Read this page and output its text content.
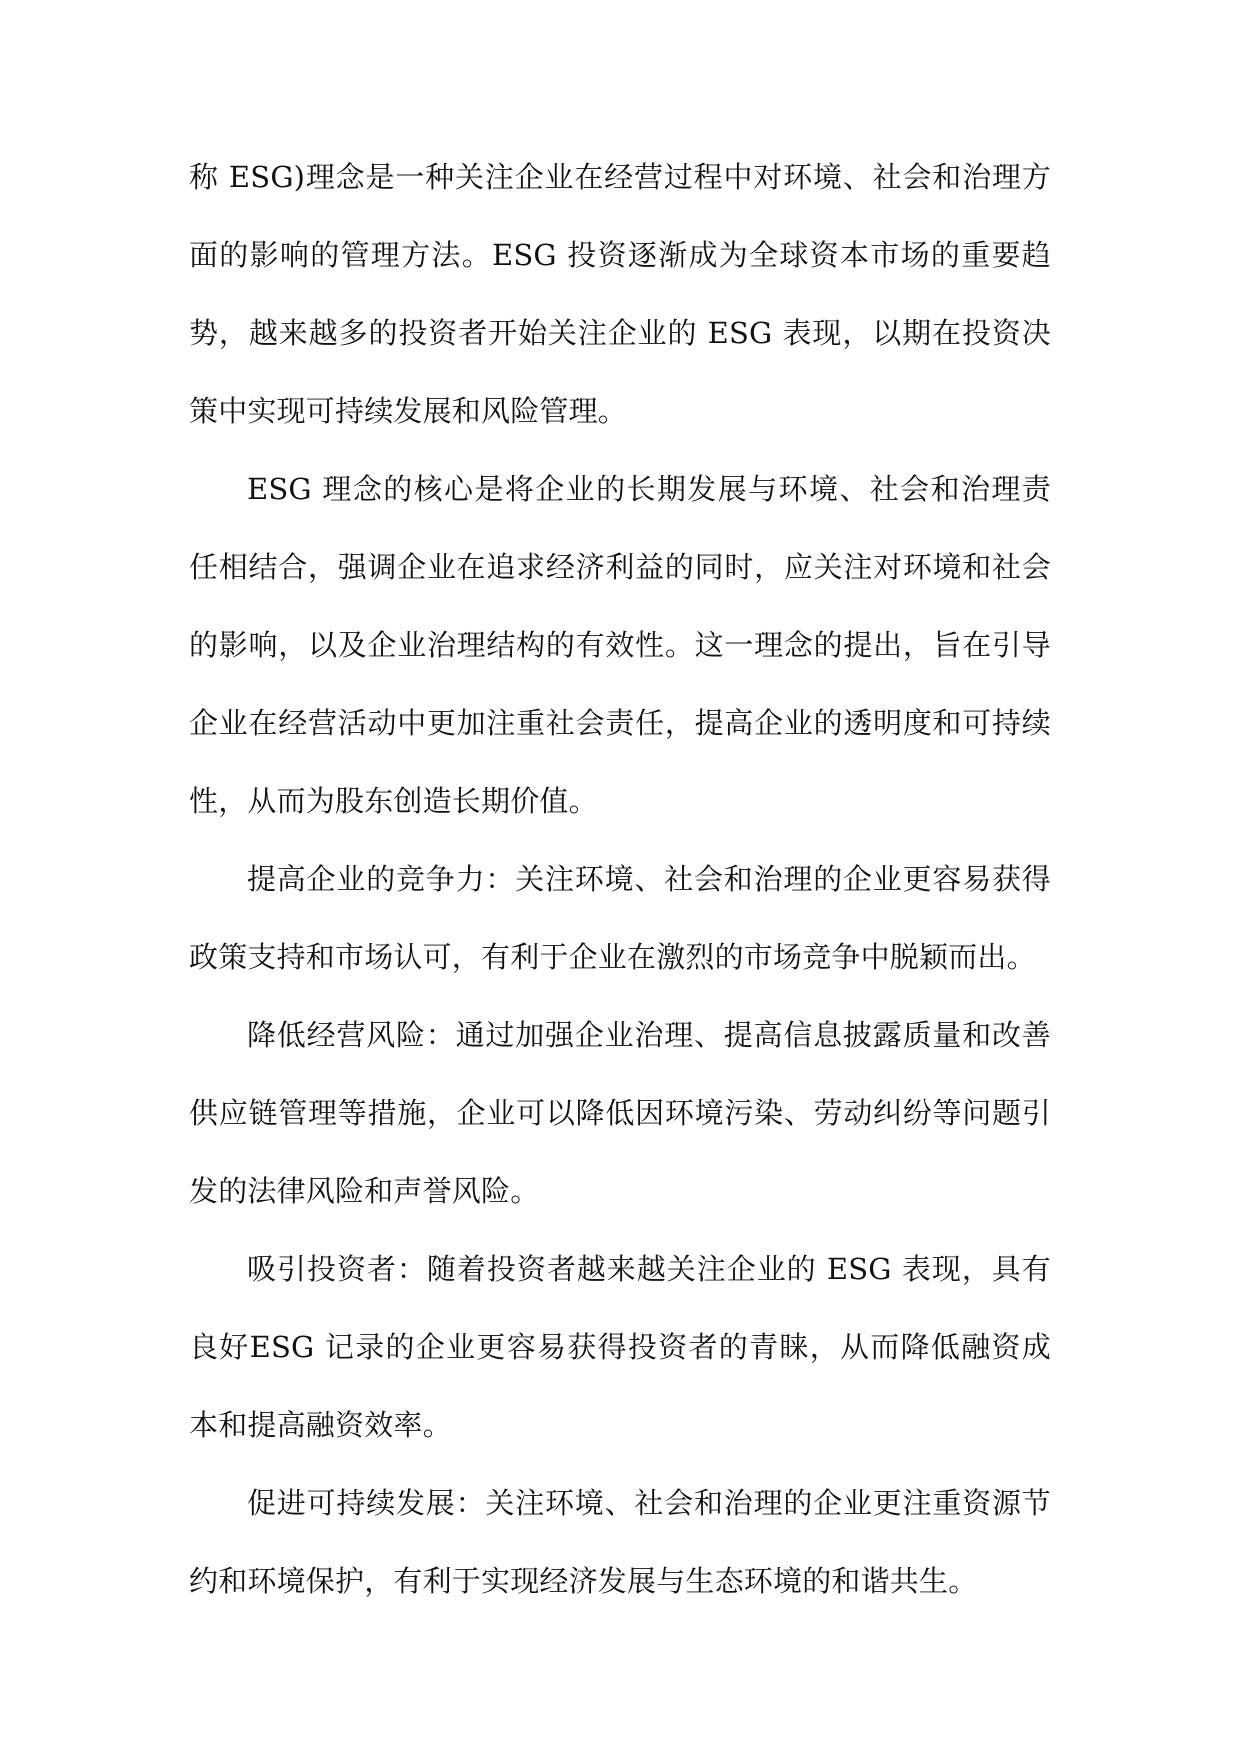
称 ESG)理念是一种关注企业在经营过程中对环境、社会和治理方面的影响的管理方法。ESG 投资逐渐成为全球资本市场的重要趋势，越来越多的投资者开始关注企业的 ESG 表现，以期在投资决策中实现可持续发展和风险管理。

ESG 理念的核心是将企业的长期发展与环境、社会和治理责任相结合，强调企业在追求经济利益的同时，应关注对环境和社会的影响，以及企业治理结构的有效性。这一理念的提出，旨在引导企业在经营活动中更加注重社会责任，提高企业的透明度和可持续性，从而为股东创造长期价值。

提高企业的竞争力：关注环境、社会和治理的企业更容易获得政策支持和市场认可，有利于企业在激烈的市场竞争中脱颖而出。

降低经营风险：通过加强企业治理、提高信息披露质量和改善供应链管理等措施，企业可以降低因环境污染、劳动纠纷等问题引发的法律风险和声誉风险。

吸引投资者：随着投资者越来越关注企业的 ESG 表现，具有良好ESG 记录的企业更容易获得投资者的青睐，从而降低融资成本和提高融资效率。

促进可持续发展：关注环境、社会和治理的企业更注重资源节约和环境保护，有利于实现经济发展与生态环境的和谐共生。
